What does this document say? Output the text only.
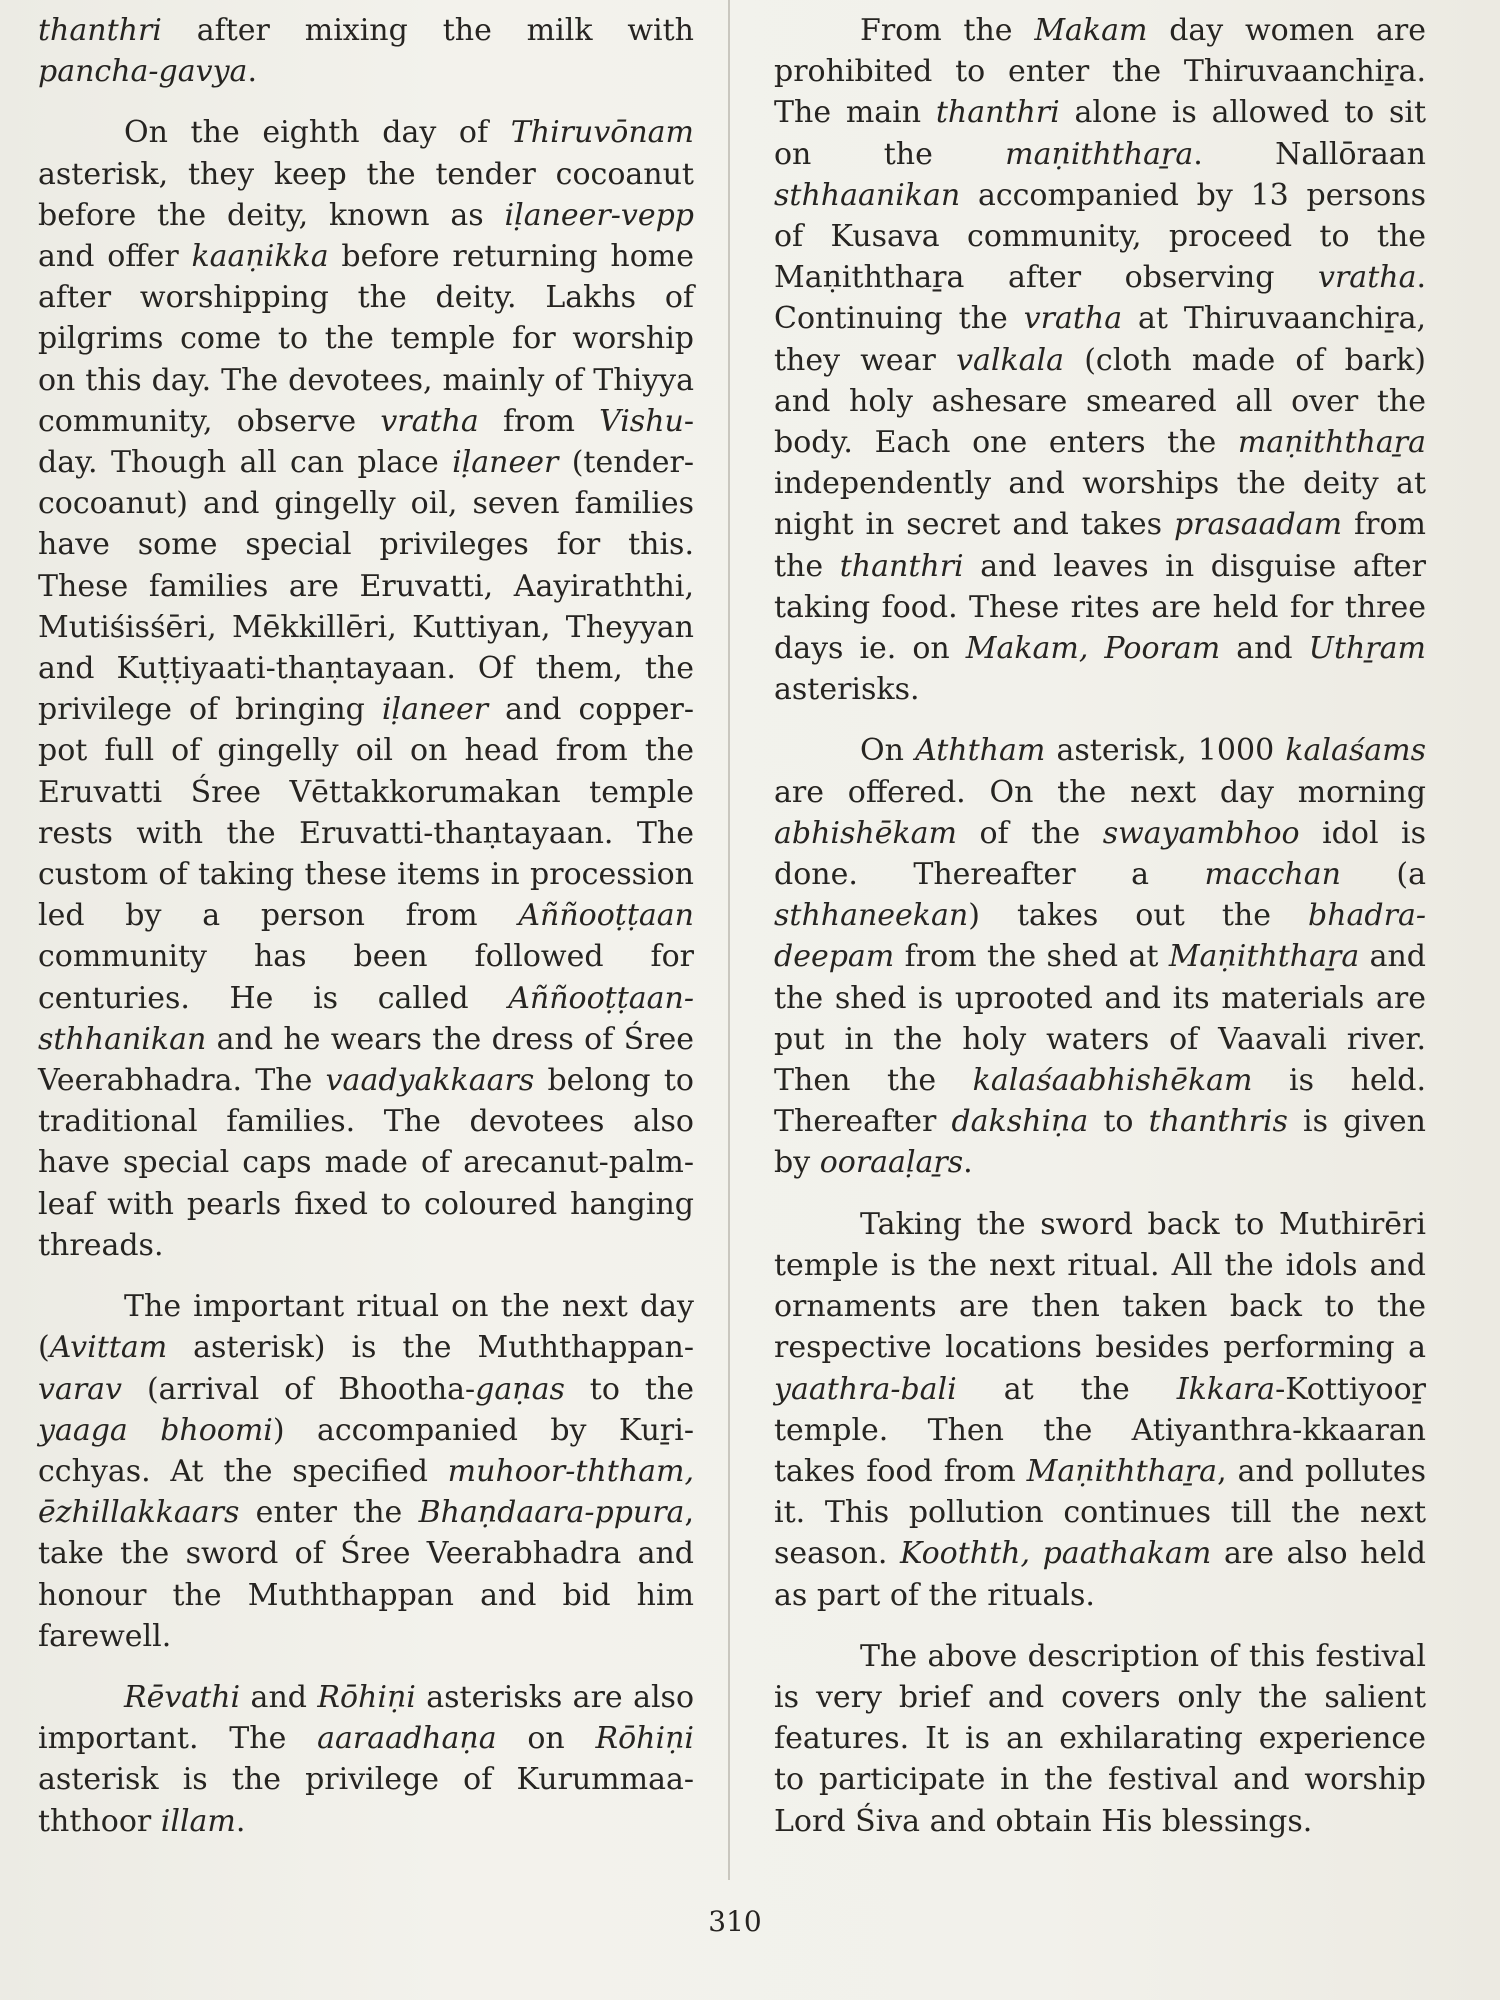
thanthri after mixing the milk with pancha-gavya.

On the eighth day of Thiruvōnam asterisk, they keep the tender cocoanut before the deity, known as iḷaneer-vepp and offer kaaṇikka before returning home after worshipping the deity. Lakhs of pilgrims come to the temple for worship on this day. The devotees, mainly of Thiyya community, observe vratha from Vishu-day. Though all can place iḷaneer (tender-cocoanut) and gingelly oil, seven families have some special privileges for this. These families are Eruvatti, Aayiraththi, Mutiśisśēri, Mēkkillēri, Kuttiyan, Theyyan and Kuṭṭiyaati-thaṇtayaan. Of them, the privilege of bringing iḷaneer and copper-pot full of gingelly oil on head from the Eruvatti Śree Vēttakkorumakan temple rests with the Eruvatti-thaṇtayaan. The custom of taking these items in procession led by a person from Aññooṭṭaan community has been followed for centuries. He is called Aññooṭṭaan- sthhanikan and he wears the dress of Śree Veerabhadra. The vaadyakkaars belong to traditional families. The devotees also have special caps made of arecanut-palm-leaf with pearls fixed to coloured hanging threads.

The important ritual on the next day (Avittam asterisk) is the Muththappan-varav (arrival of Bhootha-gaṇas to the yaaga bhoomi) accompanied by Kuṟi-cchyas. At the specified muhoor-ththam, ēzhillakkaars enter the Bhaṇdaara-ppura, take the sword of Śree Veerabhadra and honour the Muththappan and bid him farewell.

Rēvathi and Rōhiṇi asterisks are also important. The aaraadhaṇa on Rōhiṇi asterisk is the privilege of Kurummaa-ththoor illam.

From the Makam day women are prohibited to enter the Thiruvaanchiṟa. The main thanthri alone is allowed to sit on the maṇiththaṟa. Nallōraan sthhaanikan accompanied by 13 persons of Kusava community, proceed to the Maṇiththaṟa after observing vratha. Continuing the vratha at Thiruvaanchiṟa, they wear valkala (cloth made of bark) and holy ashesare smeared all over the body. Each one enters the maṇiththaṟa independently and worships the deity at night in secret and takes prasaadam from the thanthri and leaves in disguise after taking food. These rites are held for three days ie. on Makam, Pooram and Uthṟam asterisks.

On Aththam asterisk, 1000 kalaśams are offered. On the next day morning abhishēkam of the swayambhoo idol is done. Thereafter a macchan (a sthhaneekan) takes out the bhadra-deepam from the shed at Maṇiththaṟa and the shed is uprooted and its materials are put in the holy waters of Vaavali river. Then the kalaśaabhishēkam is held. Thereafter dakshiṇa to thanthris is given by ooraaḷaṟs.

Taking the sword back to Muthirēri temple is the next ritual. All the idols and ornaments are then taken back to the respective locations besides performing a yaathra-bali at the Ikkara-Kottiyooṟ temple. Then the Atiyanthra-kkaaran takes food from Maṇiththaṟa, and pollutes it. This pollution continues till the next season. Koothth, paathakam are also held as part of the rituals.

The above description of this festival is very brief and covers only the salient features. It is an exhilarating experience to participate in the festival and worship Lord Śiva and obtain His blessings.

310
